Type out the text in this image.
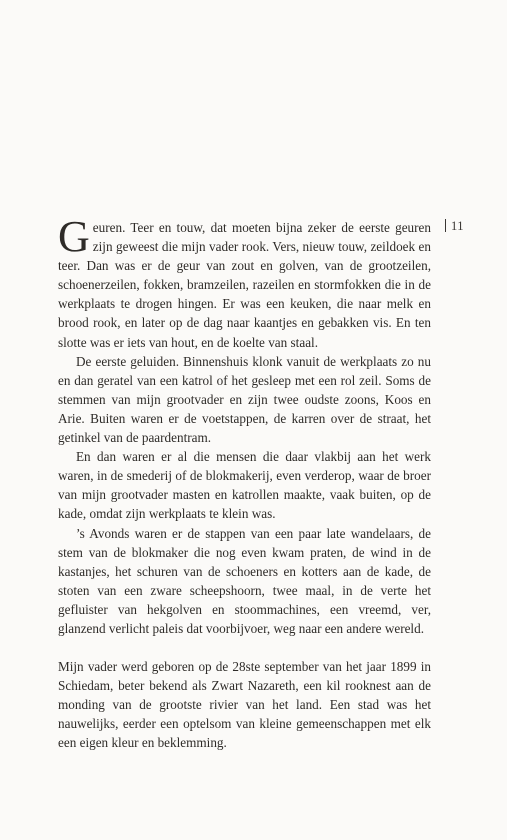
11

Geuren. Teer en touw, dat moeten bijna zeker de eerste geuren zijn geweest die mijn vader rook. Vers, nieuw touw, zeildoek en teer. Dan was er de geur van zout en golven, van de grootzeilen, schoenerzeilen, fokken, bramzeilen, razeilen en stormfokken die in de werkplaats te drogen hingen. Er was een keuken, die naar melk en brood rook, en later op de dag naar kaantjes en gebakken vis. En ten slotte was er iets van hout, en de koelte van staal.

De eerste geluiden. Binnenshuis klonk vanuit de werkplaats zo nu en dan geratel van een katrol of het gesleep met een rol zeil. Soms de stemmen van mijn grootvader en zijn twee oudste zoons, Koos en Arie. Buiten waren er de voetstappen, de karren over de straat, het getinkel van de paardentram.

En dan waren er al die mensen die daar vlakbij aan het werk waren, in de smederij of de blokmakerij, even verderop, waar de broer van mijn grootvader masten en katrollen maakte, vaak buiten, op de kade, omdat zijn werkplaats te klein was.

’s Avonds waren er de stappen van een paar late wandelaars, de stem van de blokmaker die nog even kwam praten, de wind in de kastanjes, het schuren van de schoeners en kotters aan de kade, de stoten van een zware scheepshoorn, twee maal, in de verte het gefluister van hekgolven en stoommachines, een vreemd, ver, glanzend verlicht paleis dat voorbijvoer, weg naar een andere wereld.

Mijn vader werd geboren op de 28ste september van het jaar 1899 in Schiedam, beter bekend als Zwart Nazareth, een kil rooknest aan de monding van de grootste rivier van het land. Een stad was het nauwelijks, eerder een optelsom van kleine gemeenschappen met elk een eigen kleur en beklemming.
